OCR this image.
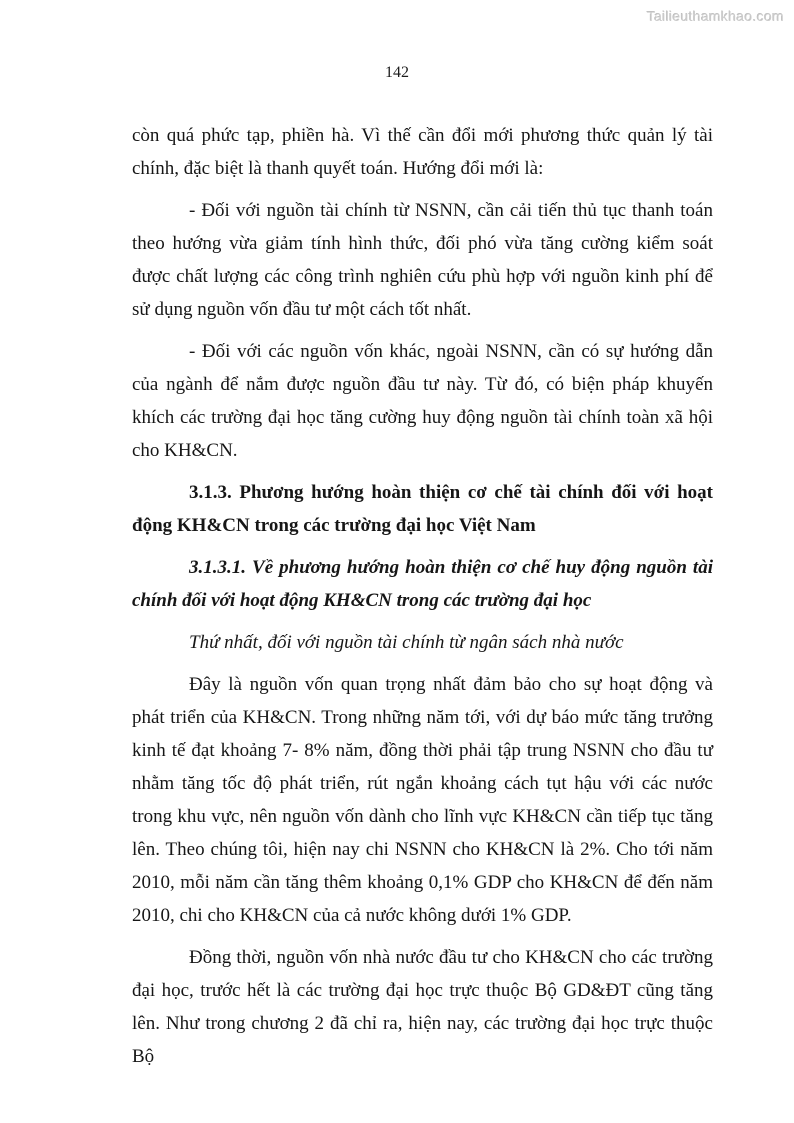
Tailieuthamkhao.com
142

còn quá phức tạp, phiền hà. Vì thế cần đổi mới phương thức quản lý tài chính, đặc biệt là thanh quyết toán. Hướng đổi mới là:

- Đối với nguồn tài chính từ NSNN, cần cải tiến thủ tục thanh toán theo hướng vừa giảm tính hình thức, đối phó vừa tăng cường kiểm soát được chất lượng các công trình nghiên cứu phù hợp với nguồn kinh phí để sử dụng nguồn vốn đầu tư một cách tốt nhất.

- Đối với các nguồn vốn khác, ngoài NSNN, cần có sự hướng dẫn của ngành để nắm được nguồn đầu tư này. Từ đó, có biện pháp khuyến khích các trường đại học tăng cường huy động nguồn tài chính toàn xã hội cho KH&CN.

3.1.3. Phương hướng hoàn thiện cơ chế tài chính đối với hoạt động KH&CN trong các trường đại học Việt Nam

3.1.3.1. Về phương hướng hoàn thiện cơ chế huy động nguồn tài chính đối với hoạt động KH&CN trong các trường đại học

Thứ nhất, đối với nguồn tài chính từ ngân sách nhà nước

Đây là nguồn vốn quan trọng nhất đảm bảo cho sự hoạt động và phát triển của KH&CN. Trong những năm tới, với dự báo mức tăng trưởng kinh tế đạt khoảng 7- 8% năm, đồng thời phải tập trung NSNN cho đầu tư nhằm tăng tốc độ phát triển, rút ngắn khoảng cách tụt hậu với các nước trong khu vực, nên nguồn vốn dành cho lĩnh vực KH&CN cần tiếp tục tăng lên. Theo chúng tôi, hiện nay chi NSNN cho KH&CN là 2%. Cho tới năm 2010, mỗi năm cần tăng thêm khoảng 0,1% GDP cho KH&CN để đến năm 2010, chi cho KH&CN của cả nước không dưới 1% GDP.

Đồng thời, nguồn vốn nhà nước đầu tư cho KH&CN cho các trường đại học, trước hết là các trường đại học trực thuộc Bộ GD&ĐT cũng tăng lên. Như trong chương 2 đã chỉ ra, hiện nay, các trường đại học trực thuộc Bộ
